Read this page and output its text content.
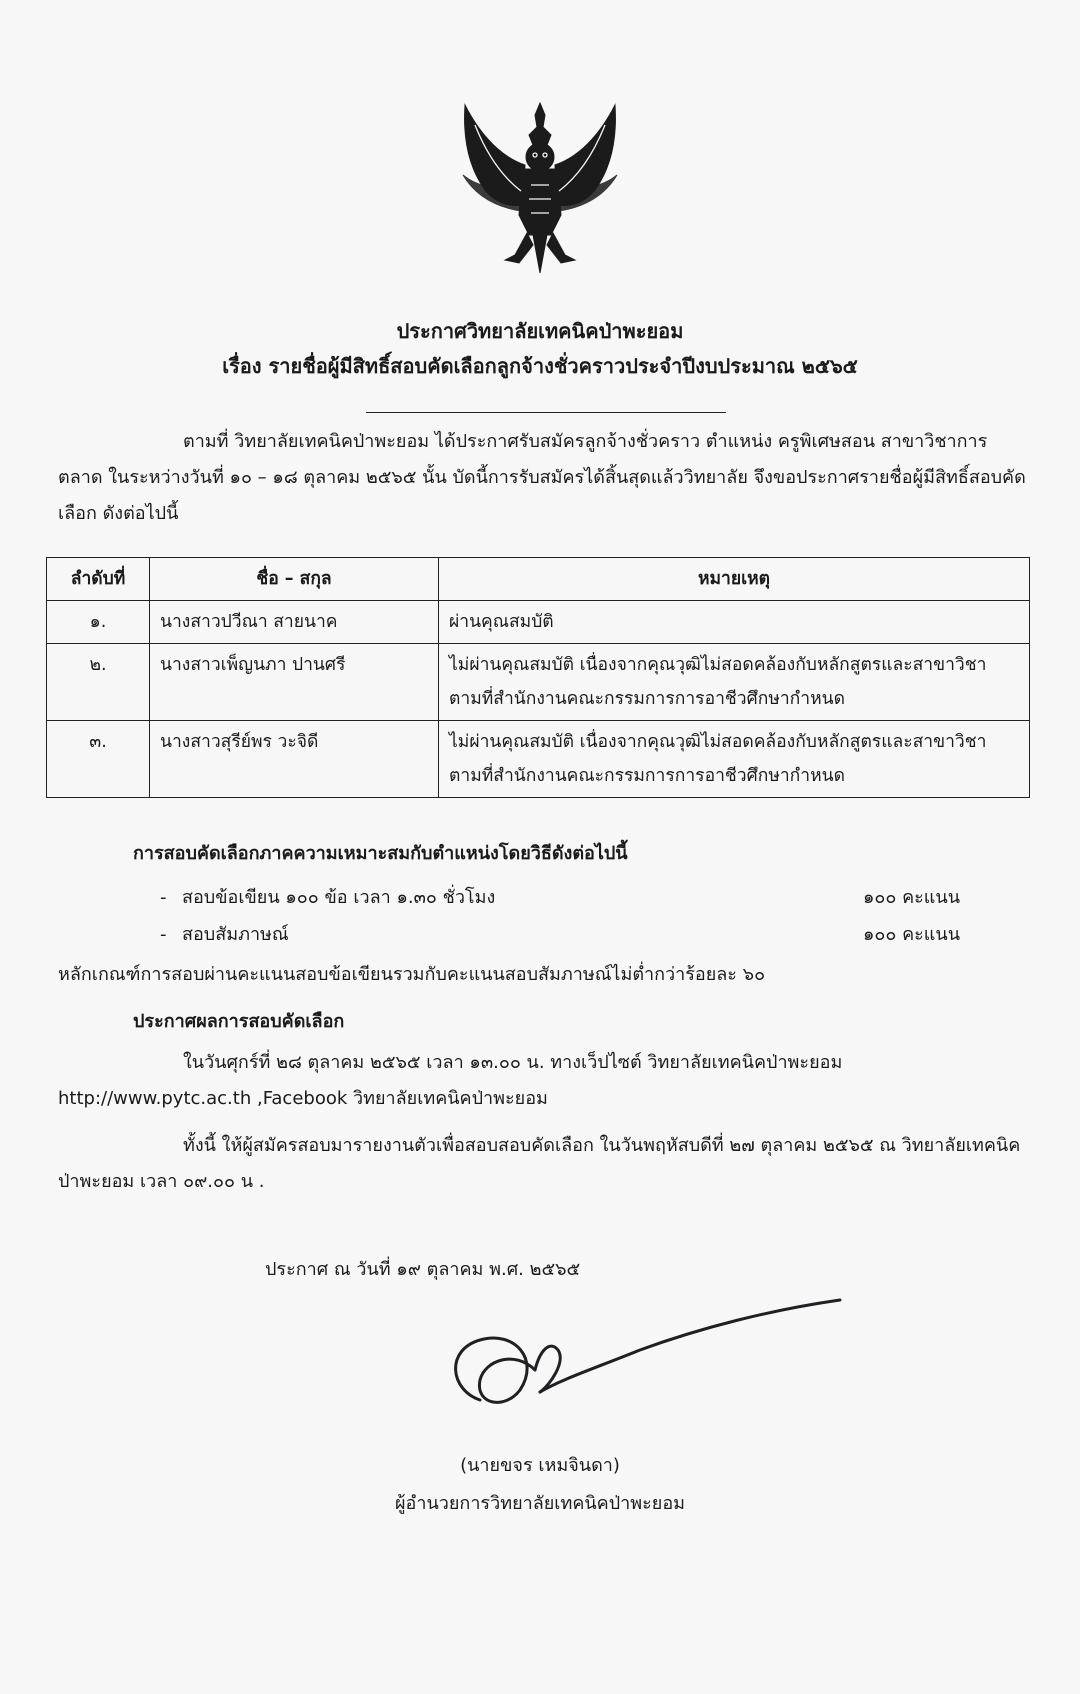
ประกาศวิทยาลัยเทคนิคป่าพะยอม
เรื่อง รายชื่อผู้มีสิทธิ์สอบคัดเลือกลูกจ้างชั่วคราวประจำปีงบประมาณ ๒๕๖๕

ตามที่ วิทยาลัยเทคนิคป่าพะยอม ได้ประกาศรับสมัครลูกจ้างชั่วคราว ตำแหน่ง ครูพิเศษสอน สาขาวิชาการตลาด ในระหว่างวันที่ ๑๐ – ๑๘ ตุลาคม ๒๕๖๕ นั้น บัดนี้การรับสมัครได้สิ้นสุดแล้ววิทยาลัย จึงขอประกาศรายชื่อผู้มีสิทธิ์สอบคัดเลือก ดังต่อไปนี้

ลำดับที่	ชื่อ – สกุล	หมายเหตุ
๑.	นางสาวปวีณา สายนาค	ผ่านคุณสมบัติ
๒.	นางสาวเพ็ญนภา ปานศรี	ไม่ผ่านคุณสมบัติ เนื่องจากคุณวุฒิไม่สอดคล้องกับหลักสูตรและสาขาวิชา ตามที่สำนักงานคณะกรรมการการอาชีวศึกษากำหนด
๓.	นางสาวสุรีย์พร วะจิดี	ไม่ผ่านคุณสมบัติ เนื่องจากคุณวุฒิไม่สอดคล้องกับหลักสูตรและสาขาวิชา ตามที่สำนักงานคณะกรรมการการอาชีวศึกษากำหนด

การสอบคัดเลือกภาคความเหมาะสมกับตำแหน่งโดยวิธีดังต่อไปนี้

- สอบข้อเขียน ๑๐๐ ข้อ เวลา ๑.๓๐ ชั่วโมง	๑๐๐ คะแนน
- สอบสัมภาษณ์	๑๐๐ คะแนน

หลักเกณฑ์การสอบผ่านคะแนนสอบข้อเขียนรวมกับคะแนนสอบสัมภาษณ์ไม่ต่ำกว่าร้อยละ ๖๐

ประกาศผลการสอบคัดเลือก

ในวันศุกร์ที่ ๒๘ ตุลาคม ๒๕๖๕ เวลา ๑๓.๐๐ น. ทางเว็ปไซต์ วิทยาลัยเทคนิคป่าพะยอม http://www.pytc.ac.th ,Facebook วิทยาลัยเทคนิคป่าพะยอม

ทั้งนี้ ให้ผู้สมัครสอบมารายงานตัวเพื่อสอบสอบคัดเลือก ในวันพฤหัสบดีที่ ๒๗ ตุลาคม ๒๕๖๕ ณ วิทยาลัยเทคนิคป่าพะยอม เวลา ๐๙.๐๐ น .

ประกาศ ณ วันที่ ๑๙ ตุลาคม พ.ศ. ๒๕๖๕
(นายขจร เหมจินดา)
ผู้อำนวยการวิทยาลัยเทคนิคป่าพะยอม
